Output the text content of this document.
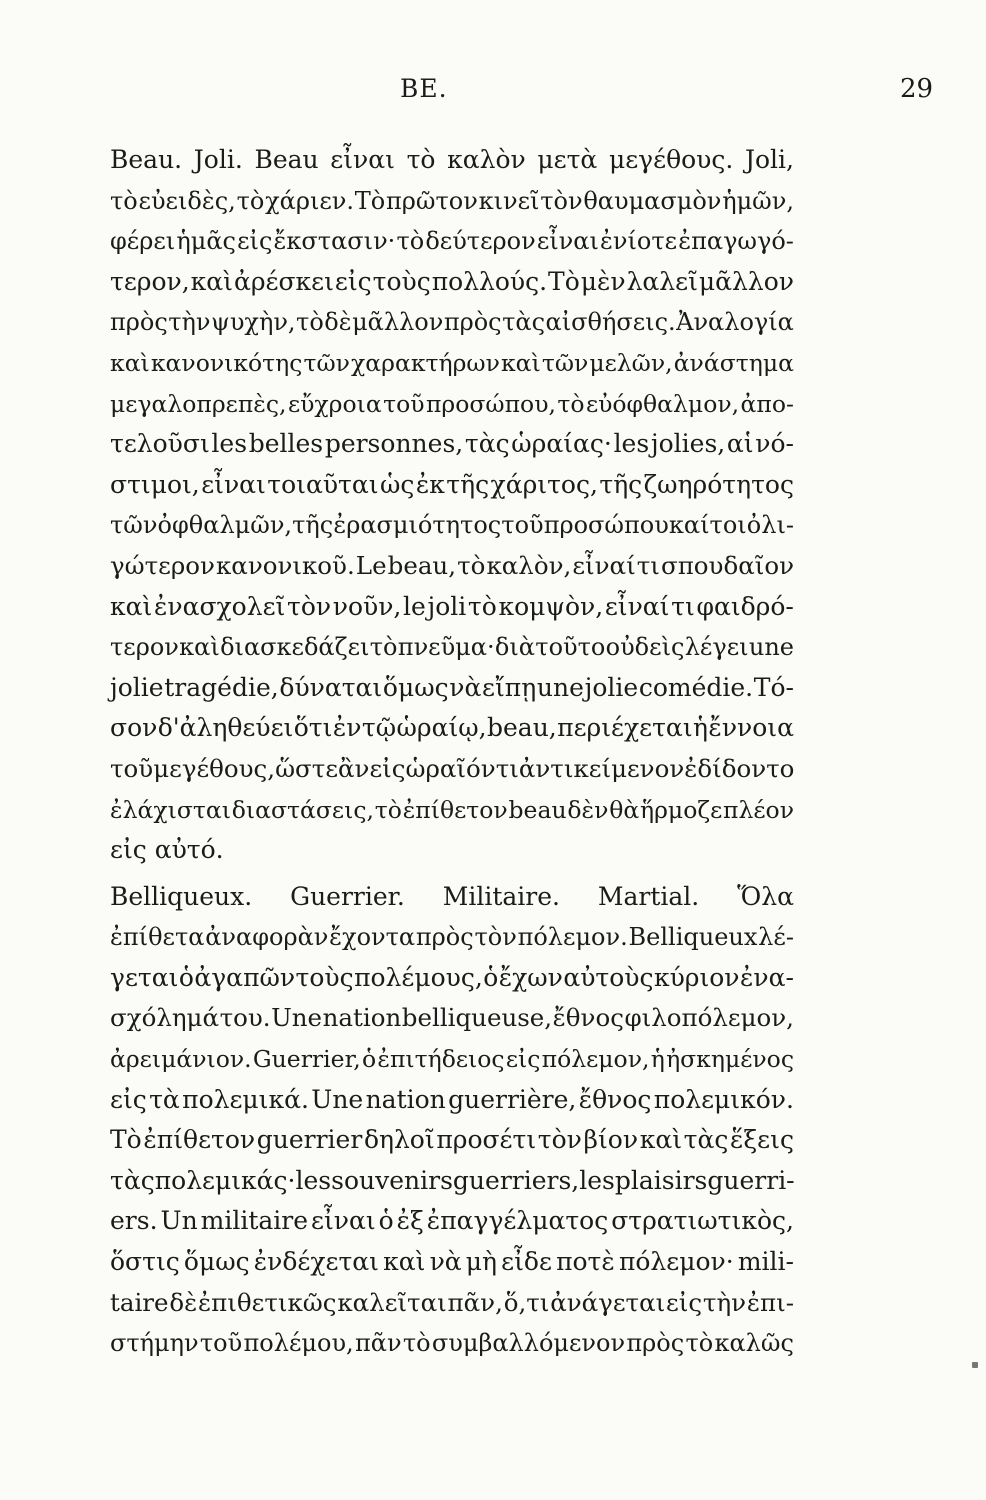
BE.	29
Beau. Joli. Beau εἶναι τὸ καλὸν μετὰ μεγέθους. Joli,
τὸ εὐειδὲς, τὸ χάριεν. Τὸ πρῶτον κινεῖ τὸν θαυμασμὸν ἡμῶν,
φέρει ἡμᾶς εἰς ἔκστασιν· τὸ δεύτερον εἶναι ἐνίοτε ἐπαγωγό-
τερον, καὶ ἀρέσκει εἰς τοὺς πολλούς. Τὸ μὲν λαλεῖ μᾶλλον
πρὸς τὴν ψυχὴν, τὸ δὲ μᾶλλον πρὸς τὰς αἰσθήσεις. Ἀναλογία
καὶ κανονικότης τῶν χαρακτήρων καὶ τῶν μελῶν, ἀνάστημα
μεγαλοπρεπὲς, εὔχροια τοῦ προσώπου, τὸ εὐόφθαλμον, ἀπο-
τελοῦσι les belles personnes, τὰς ὡραίας· les jolies, αἱ νό-
στιμοι, εἶναι τοιαῦται ὡς ἐκ τῆς χάριτος, τῆς ζωηρότητος
τῶν ὀφθαλμῶν, τῆς ἐρασμιότητος τοῦ προσώπου καίτοι ὀλι-
γώτερον κανονικοῦ. Le beau, τὸ καλὸν, εἶναί τι σπουδαῖον
καὶ ἐνασχολεῖ τὸν νοῦν, le joli τὸ κομψὸν, εἶναί τι φαιδρό-
τερον καὶ διασκεδάζει τὸ πνεῦμα· διὰ τοῦτο οὐδεὶς λέγει une
jolie tragédie, δύναται ὅμως νὰ εἴπῃ une jolie comédie. Τό-
σον δ'ἀληθεύει ὅτι ἐν τῷ ὡραίῳ, beau, περιέχεται ἡ ἔννοια
τοῦ μεγέθους, ὥστε ἂν εἰς ὡραῖόν τι ἀντικείμενον ἐδίδοντο
ἐλάχισται διαστάσεις, τὸ ἐπίθετον beau δὲν θὰ ἥρμοζε πλέον
εἰς αὐτό.
Belliqueux. Guerrier. Militaire. Martial. Ὅλα
ἐπίθετα ἀναφορὰν ἔχοντα πρὸς τὸν πόλεμον. Belliqueux λέ-
γεται ὁ ἀγαπῶν τοὺς πολέμους, ὁ ἔχων αὐτοὺς κύριον ἐνα-
σχόλημά του. Une nation belliqueuse, ἔθνος φιλοπόλεμον,
ἀρειμάνιον. Guerrier, ὁ ἐπιτήδειος εἰς πόλεμον, ἡ ἠσκημένος
εἰς τὰ πολεμικά. Une nation guerrière, ἔθνος πολεμικόν.
Τὸ ἐπίθετον guerrier δηλοῖ προσέτι τὸν βίον καὶ τὰς ἕξεις
τὰς πολεμικάς· les souvenirs guerriers, les plaisirs guerri-
ers. Un militaire εἶναι ὁ ἐξ ἐπαγγέλματος στρατιωτικὸς,
ὅστις ὅμως ἐνδέχεται καὶ νὰ μὴ εἶδε ποτὲ πόλεμον· mili-
taire δὲ ἐπιθετικῶς καλεῖται πᾶν, ὅ,τι ἀνάγεται εἰς τὴν ἐπι-
στήμην τοῦ πολέμου, πᾶν τὸ συμβαλλόμενον πρὸς τὸ καλῶς
